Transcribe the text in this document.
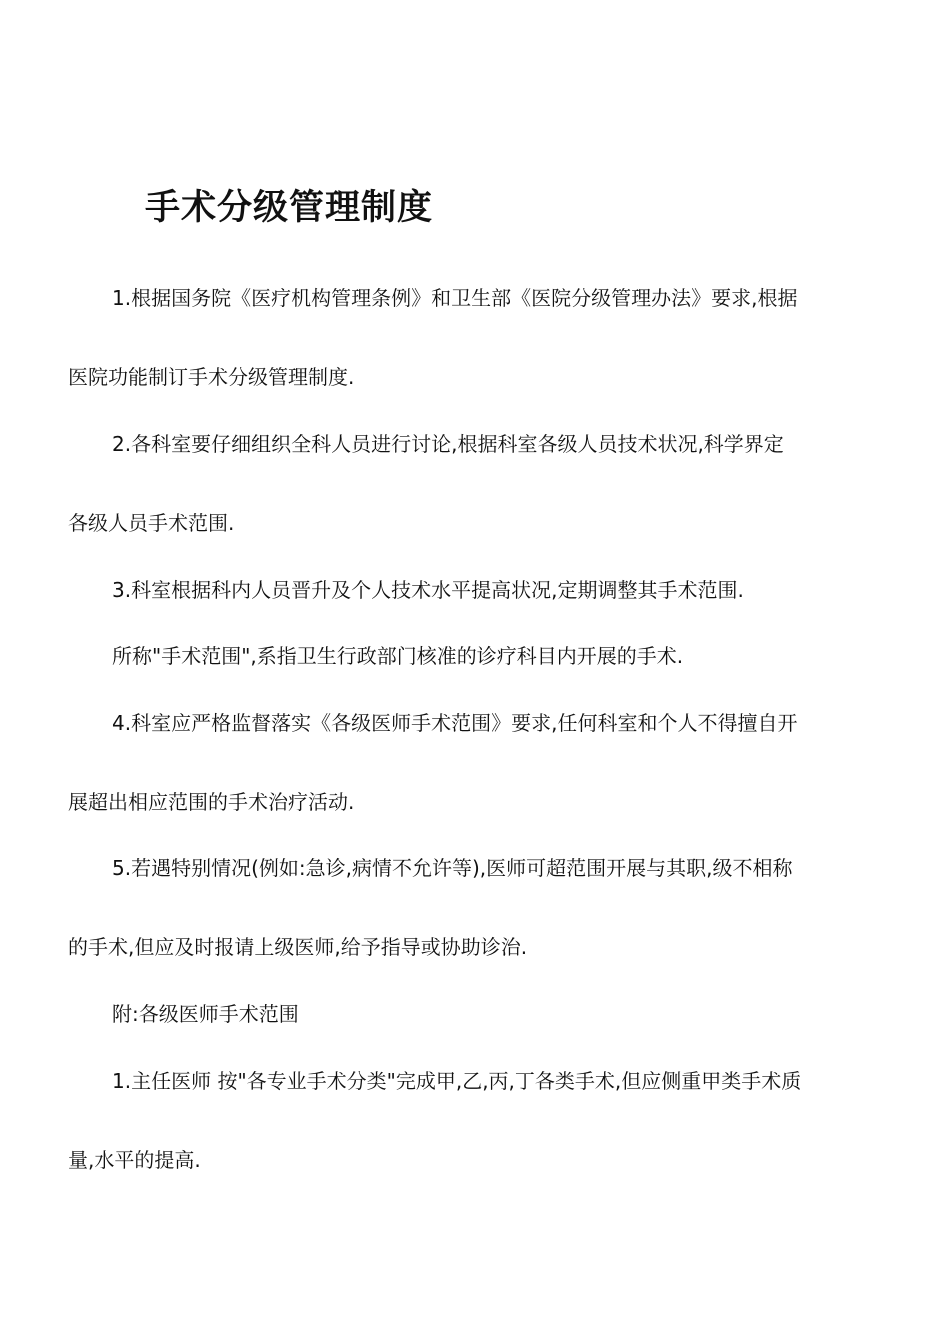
手术分级管理制度
1.根据国务院《医疗机构管理条例》和卫生部《医院分级管理办法》要求,根据
医院功能制订手术分级管理制度.
2.各科室要仔细组织全科人员进行讨论,根据科室各级人员技术状况,科学界定
各级人员手术范围.
3.科室根据科内人员晋升及个人技术水平提高状况,定期调整其手术范围.
所称"手术范围",系指卫生行政部门核准的诊疗科目内开展的手术.
4.科室应严格监督落实《各级医师手术范围》要求,任何科室和个人不得擅自开
展超出相应范围的手术治疗活动.
5.若遇特别情况(例如:急诊,病情不允许等),医师可超范围开展与其职,级不相称
的手术,但应及时报请上级医师,给予指导或协助诊治.
附:各级医师手术范围
1.主任医师 按"各专业手术分类"完成甲,乙,丙,丁各类手术,但应侧重甲类手术质
量,水平的提高.
